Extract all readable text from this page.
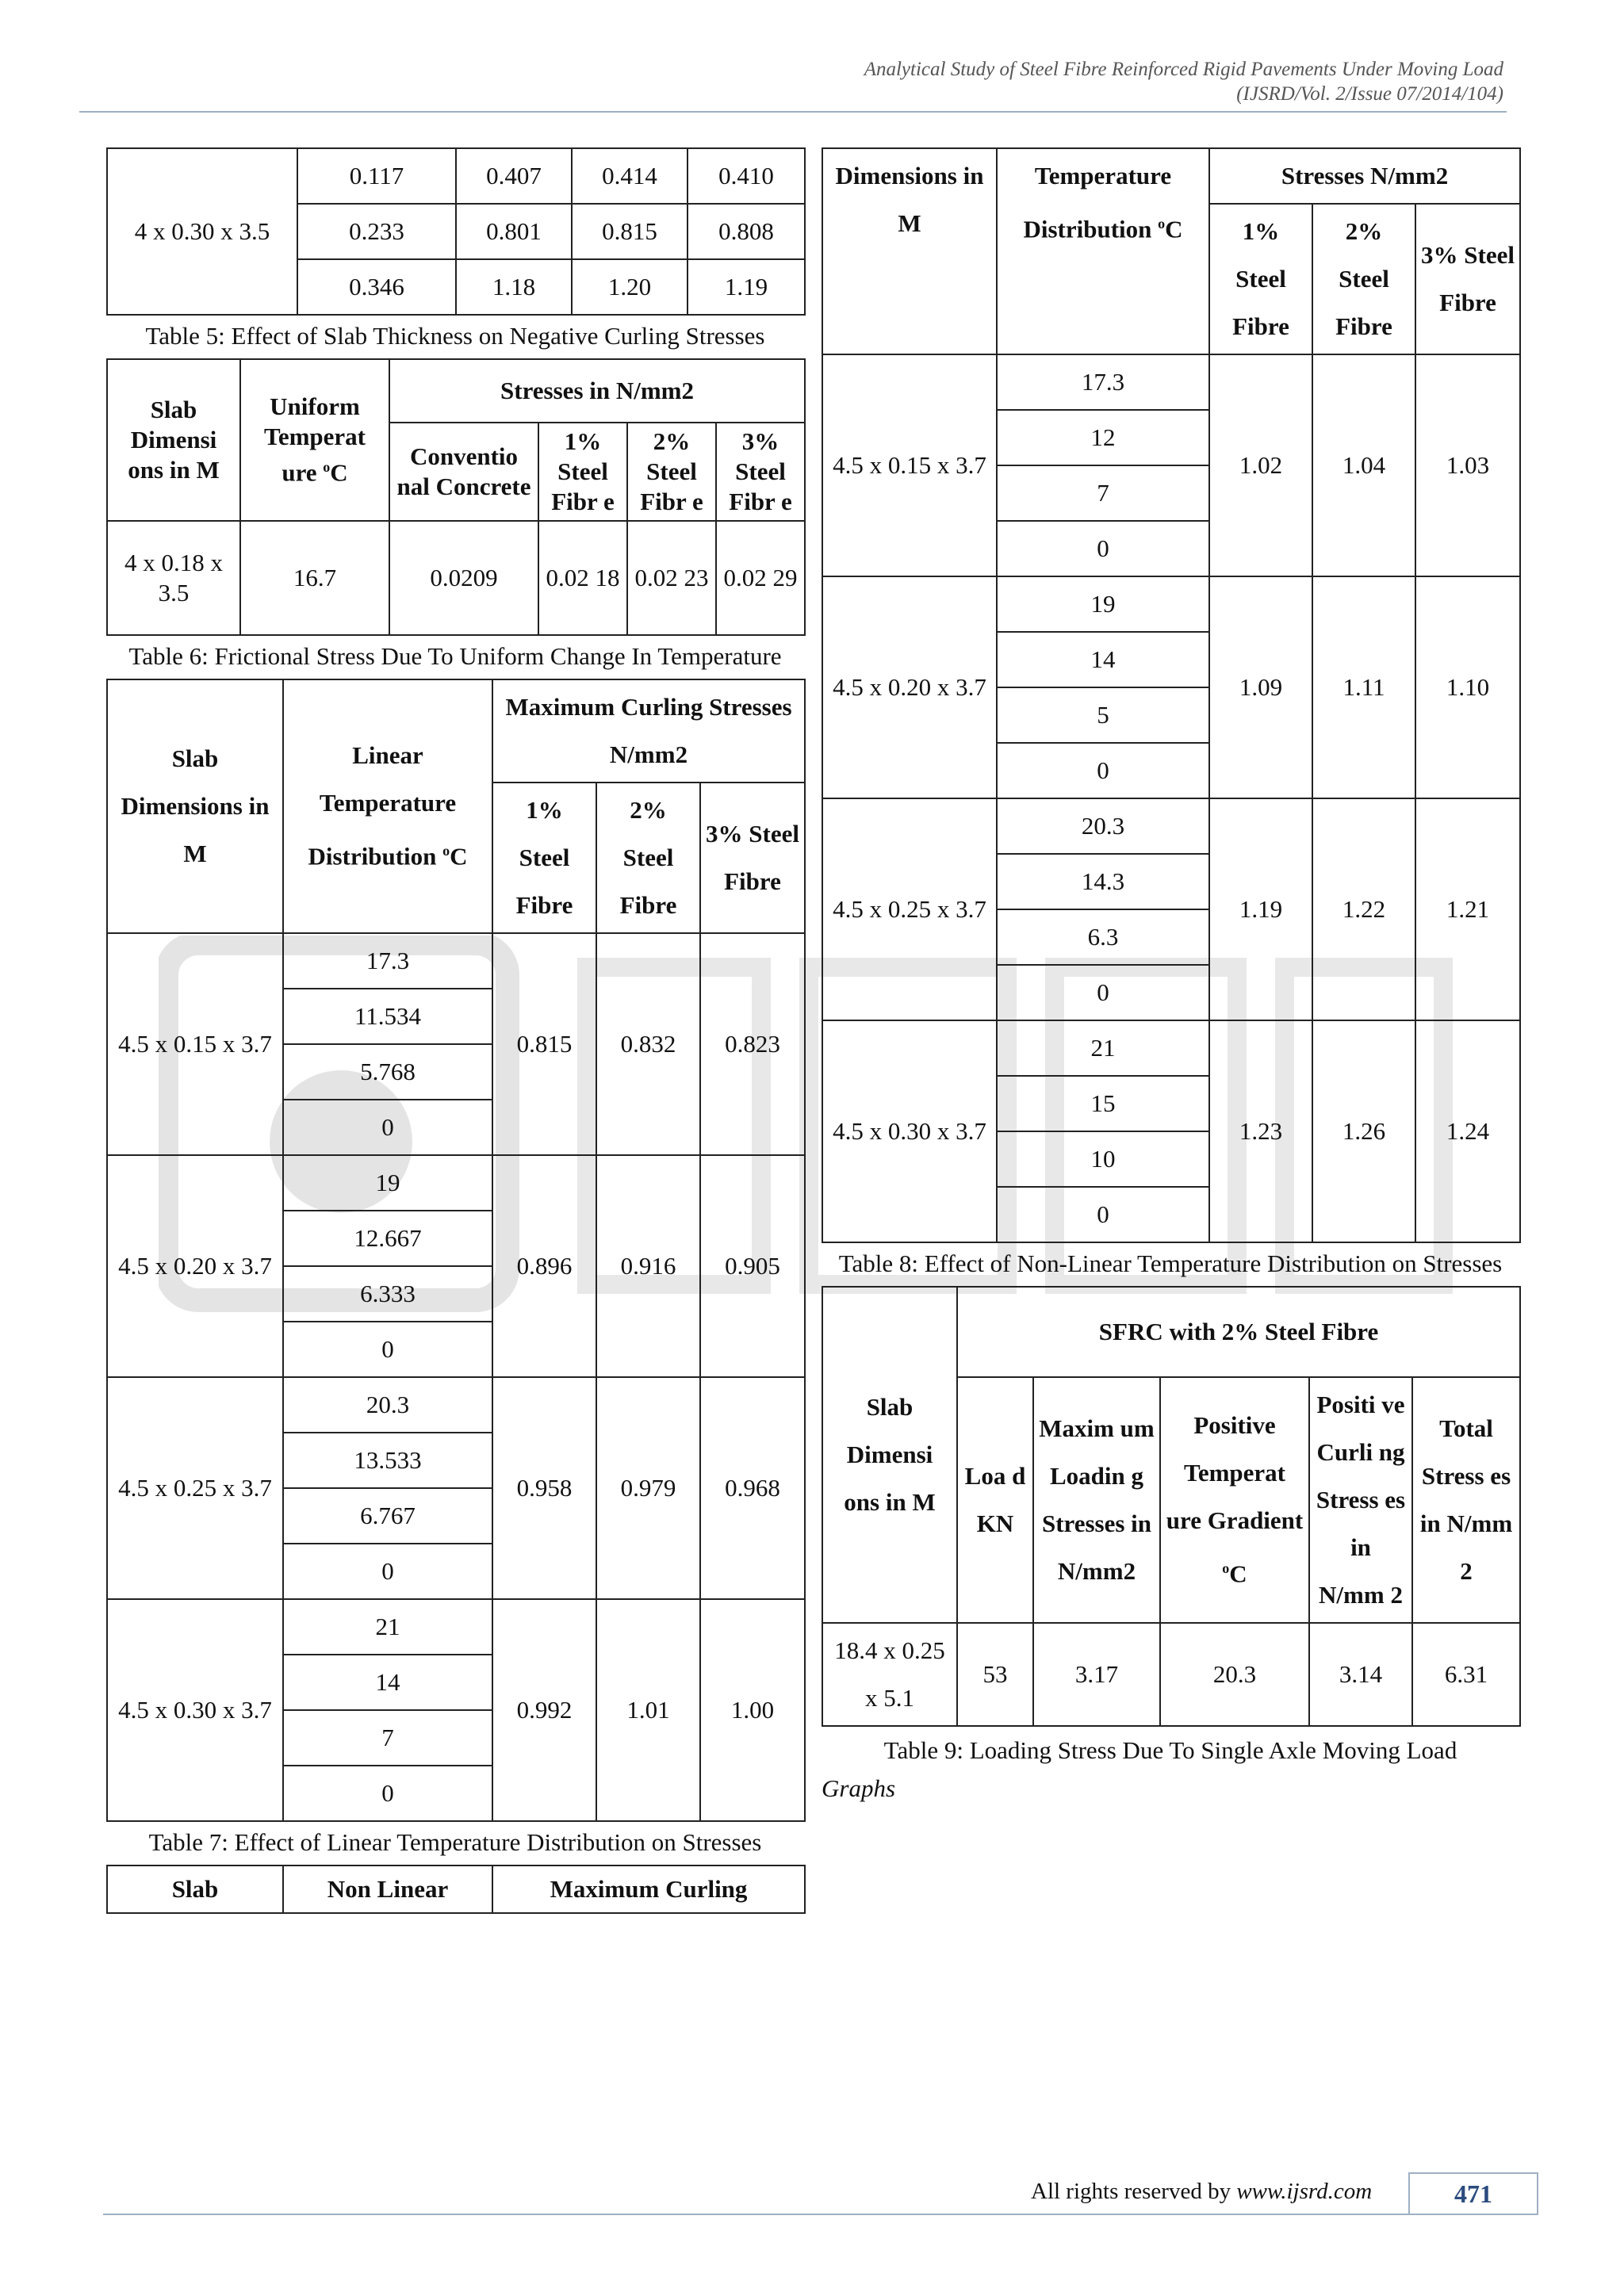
Analytical Study of Steel Fibre Reinforced Rigid Pavements Under Moving Load
(IJSRD/Vol. 2/Issue 07/2014/104)
4 x 0.30 x 3.5	0.117	0.407	0.414	0.410
	0.233	0.801	0.815	0.808
	0.346	1.18	1.20	1.19
Table 5: Effect of Slab Thickness on Negative Curling Stresses
Slab Dimensi ons in M	Uniform Temperat ure $^o$C	Stresses in N/mm2			
		Conventio nal Concrete	1% Steel Fibr e	2% Steel Fibr e	3% Steel Fibr e
4 x 0.18 x 3.5	16.7	0.0209	0.02 18	0.02 23	0.02 29
Table 6: Frictional Stress Due To Uniform Change In Temperature
Slab Dimensions in M	Linear Temperature Distribution $^o$C	Maximum Curling Stresses N/mm2		
		1% Steel Fibre	2% Steel Fibre	3% Steel Fibre
4.5 x 0.15 x 3.7	17.3	0.815	0.832	0.823
	11.534			
	5.768			
	0			
4.5 x 0.20 x 3.7	19	0.896	0.916	0.905
	12.667			
	6.333			
	0			
4.5 x 0.25 x 3.7	20.3	0.958	0.979	0.968
	13.533			
	6.767			
	0			
4.5 x 0.30 x 3.7	21	0.992	1.01	1.00
	14			
	7			
	0			
Table 7: Effect of Linear Temperature Distribution on Stresses
Slab	Non Linear	Maximum Curling
Dimensions in M	Temperature Distribution $^o$C	Stresses N/mm2		
		1% Steel Fibre	2% Steel Fibre	3% Steel Fibre
4.5 x 0.15 x 3.7	17.3	1.02	1.04	1.03
	12			
	7			
	0			
4.5 x 0.20 x 3.7	19	1.09	1.11	1.10
	14			
	5			
	0			
4.5 x 0.25 x 3.7	20.3	1.19	1.22	1.21
	14.3			
	6.3			
	0			
4.5 x 0.30 x 3.7	21	1.23	1.26	1.24
	15			
	10			
	0			
Table 8: Effect of Non-Linear Temperature Distribution on Stresses
Slab Dimensi ons in M	SFRC with 2% Steel Fibre				
	Loa d KN	Maxim um Loadin g Stresses in N/mm2	Positive Temperat ure Gradient $^o$C	Positi ve Curli ng Stress es in N/mm 2	Total Stress es in N/mm 2
18.4 x 0.25 x 5.1	53	3.17	20.3	3.14	6.31
Table 9: Loading Stress Due To Single Axle Moving Load
Graphs
All rights reserved by www.ijsrd.com	471
